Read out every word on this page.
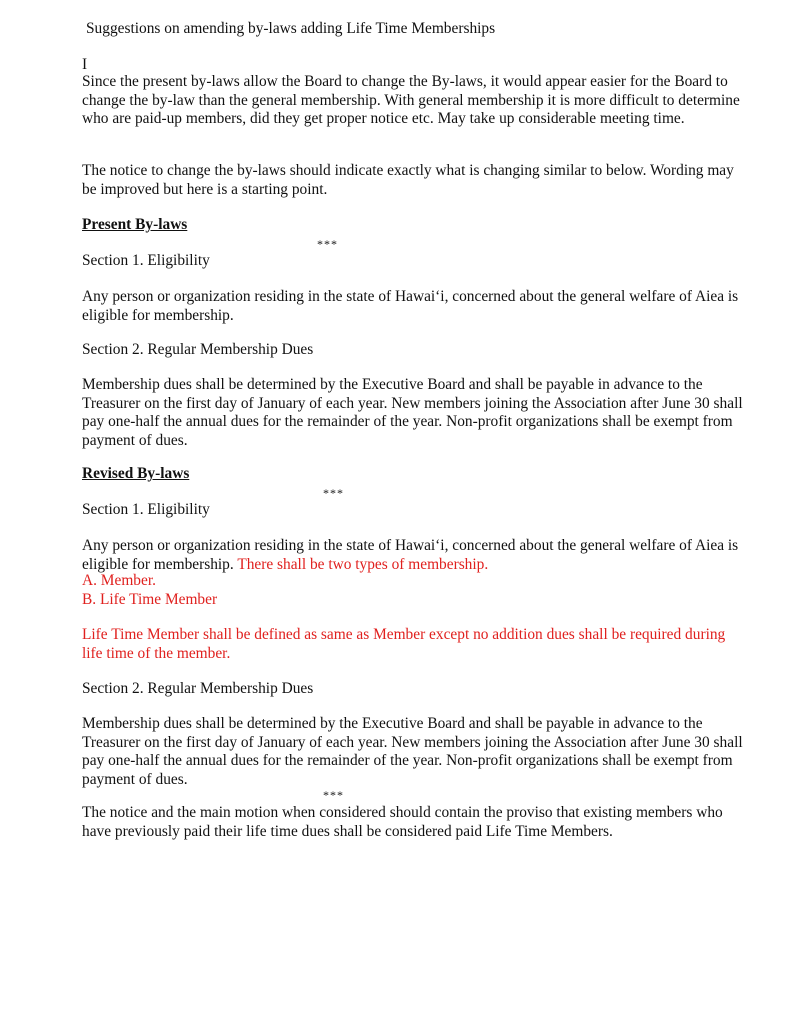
Suggestions on amending by-laws adding Life Time Memberships

I

Since the present by-laws allow the Board to change the By-laws, it would appear easier for the Board to change the by-law than the general membership. With general membership it is more difficult to determine who are paid-up members, did they get proper notice etc. May take up considerable meeting time.

The notice to change the by-laws should indicate exactly what is changing similar to below. Wording may be improved but here is a starting point.

Present By-laws

***

Section 1. Eligibility

Any person or organization residing in the state of Hawai‘i, concerned about the general welfare of Aiea is eligible for membership.

Section 2. Regular Membership Dues

Membership dues shall be determined by the Executive Board and shall be payable in advance to the Treasurer on the first day of January of each year. New members joining the Association after June 30 shall pay one-half the annual dues for the remainder of the year. Non-profit organizations shall be exempt from payment of dues.

Revised By-laws

***

Section 1. Eligibility

Any person or organization residing in the state of Hawai‘i, concerned about the general welfare of Aiea is eligible for membership. There shall be two types of membership.

A. Member.

B. Life Time Member

Life Time Member shall be defined as same as Member except no addition dues shall be required during life time of the member.

Section 2. Regular Membership Dues

Membership dues shall be determined by the Executive Board and shall be payable in advance to the Treasurer on the first day of January of each year. New members joining the Association after June 30 shall pay one-half the annual dues for the remainder of the year. Non-profit organizations shall be exempt from payment of dues.

***

The notice and the main motion when considered should contain the proviso that existing members who have previously paid their life time dues shall be considered paid Life Time Members.
